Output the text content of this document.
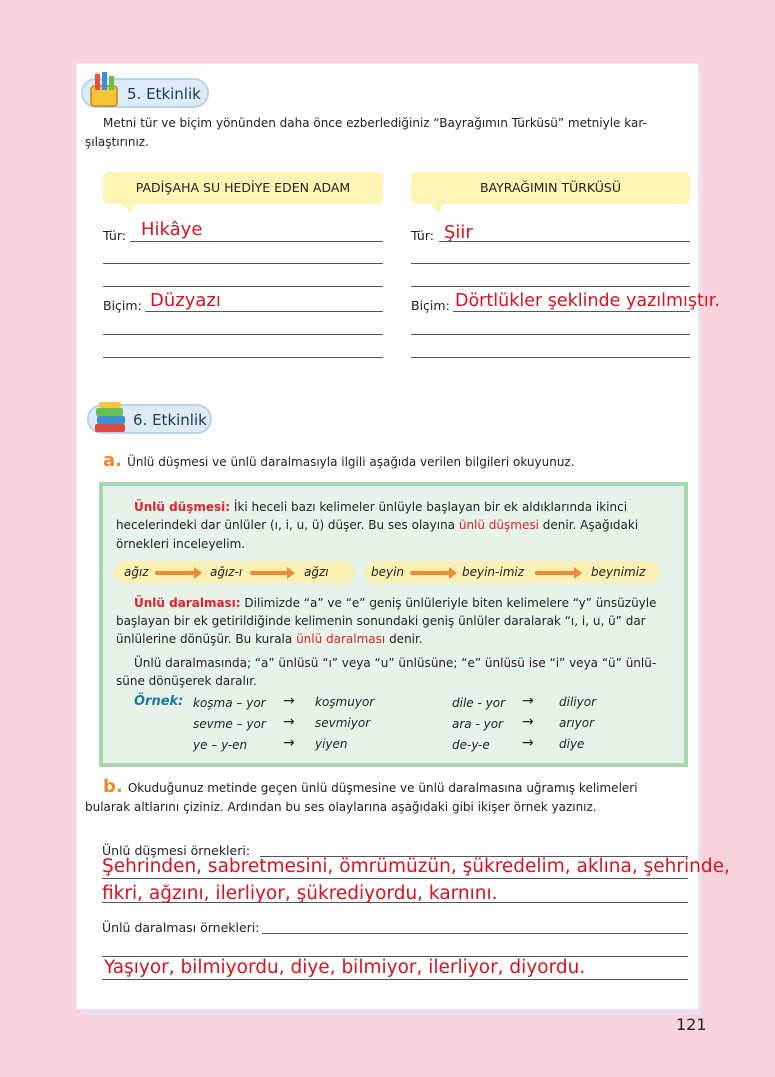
5. Etkinlik
Metni tür ve biçim yönünden daha önce ezberlediğiniz “Bayrağımın Türküsü” metniyle kar-
şılaştırınız.
PADİŞAHA SU HEDİYE EDEN ADAM
Tür: Hikâye
Biçim: Düzyazı
BAYRAĞIMIN TÜRKÜSÜ
Tür: Şiir
Biçim: Dörtlükler şeklinde yazılmıştır.
6. Etkinlik
a. Ünlü düşmesi ve ünlü daralmasıyla ilgili aşağıda verilen bilgileri okuyunuz.
Ünlü düşmesi: İki heceli bazı kelimeler ünlüyle başlayan bir ek aldıklarında ikinci
hecelerindeki dar ünlüler (ı, i, u, ü) düşer. Bu ses olayına ünlü düşmesi denir. Aşağıdaki
örnekleri inceleyelim.
ağız	ağız-ı	ağzı	beyin	beyin-imiz	beynimiz
Ünlü daralması: Dilimizde “a” ve “e” geniş ünlüleriyle biten kelimelere “y” ünsüzüyle
başlayan bir ek getirildiğinde kelimenin sonundaki geniş ünlüler daralarak “ı, i, u, ü” dar
ünlülerine dönüşür. Bu kurala ünlü daralması denir.
Ünlü daralmasında; “a” ünlüsü “ı” veya “u” ünlüsüne; “e” ünlüsü ise “i” veya “ü” ünlü-
süne dönüşerek daralır.
Örnek: koşma – yor → koşmuyor
sevme – yor → sevmiyor
ye – y-en	→ yiyen
dile - yor → diliyor
ara - yor → arıyor
de-y-e → diye
b. Okuduğunuz metinde geçen ünlü düşmesine ve ünlü daralmasına uğramış kelimeleri
bularak altlarını çiziniz. Ardından bu ses olaylarına aşağıdaki gibi ikişer örnek yazınız.
Ünlü düşmesi örnekleri:
Şehrinden, sabretmesini, ömrümüzün, şükredelim, aklına, şehrinde,
fikri, ağzını, ilerliyor, şükrediyordu, karnını.
Ünlü daralması örnekleri:
Yaşıyor, bilmiyordu, diye, bilmiyor, ilerliyor, diyordu.
121
